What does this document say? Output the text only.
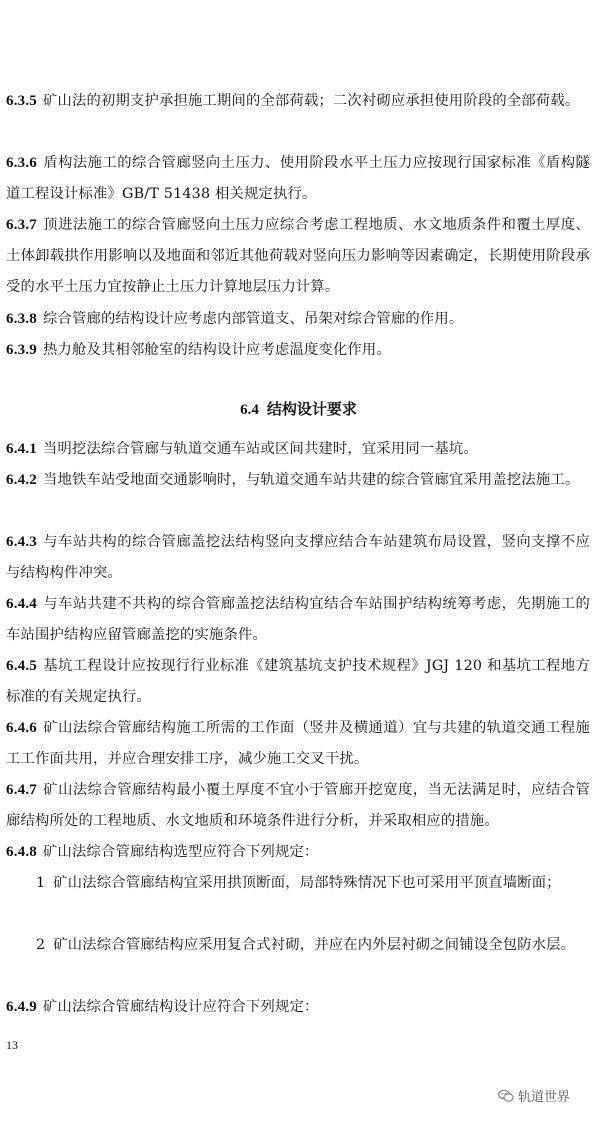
6.3.5 矿山法的初期支护承担施工期间的全部荷载；二次衬砌应承担使用阶段的全部荷载。
6.3.6 盾构法施工的综合管廊竖向土压力、使用阶段水平土压力应按现行国家标准《盾构隧道工程设计标准》GB/T 51438 相关规定执行。
6.3.7 顶进法施工的综合管廊竖向土压力应综合考虑工程地质、水文地质条件和覆土厚度、土体卸载拱作用影响以及地面和邻近其他荷载对竖向压力影响等因素确定，长期使用阶段承受的水平土压力宜按静止土压力计算地层压力计算。
6.3.8 综合管廊的结构设计应考虑内部管道支、吊架对综合管廊的作用。
6.3.9 热力舱及其相邻舱室的结构设计应考虑温度变化作用。
6.4 结构设计要求
6.4.1 当明挖法综合管廊与轨道交通车站或区间共建时，宜采用同一基坑。
6.4.2 当地铁车站受地面交通影响时，与轨道交通车站共建的综合管廊宜采用盖挖法施工。
6.4.3 与车站共构的综合管廊盖挖法结构竖向支撑应结合车站建筑布局设置，竖向支撑不应与结构构件冲突。
6.4.4 与车站共建不共构的综合管廊盖挖法结构宜结合车站围护结构统筹考虑，先期施工的车站围护结构应留管廊盖挖的实施条件。
6.4.5 基坑工程设计应按现行行业标准《建筑基坑支护技术规程》JGJ 120 和基坑工程地方标准的有关规定执行。
6.4.6 矿山法综合管廊结构施工所需的工作面（竖井及横通道）宜与共建的轨道交通工程施工工作面共用，并应合理安排工序，减少施工交叉干扰。
6.4.7 矿山法综合管廊结构最小覆土厚度不宜小于管廊开挖宽度，当无法满足时，应结合管廊结构所处的工程地质、水文地质和环境条件进行分析，并采取相应的措施。
6.4.8 矿山法综合管廊结构选型应符合下列规定：
1 矿山法综合管廊结构宜采用拱顶断面，局部特殊情况下也可采用平顶直墙断面；
2 矿山法综合管廊结构应采用复合式衬砌，并应在内外层衬砌之间铺设全包防水层。
6.4.9 矿山法综合管廊结构设计应符合下列规定：
13
轨道世界
